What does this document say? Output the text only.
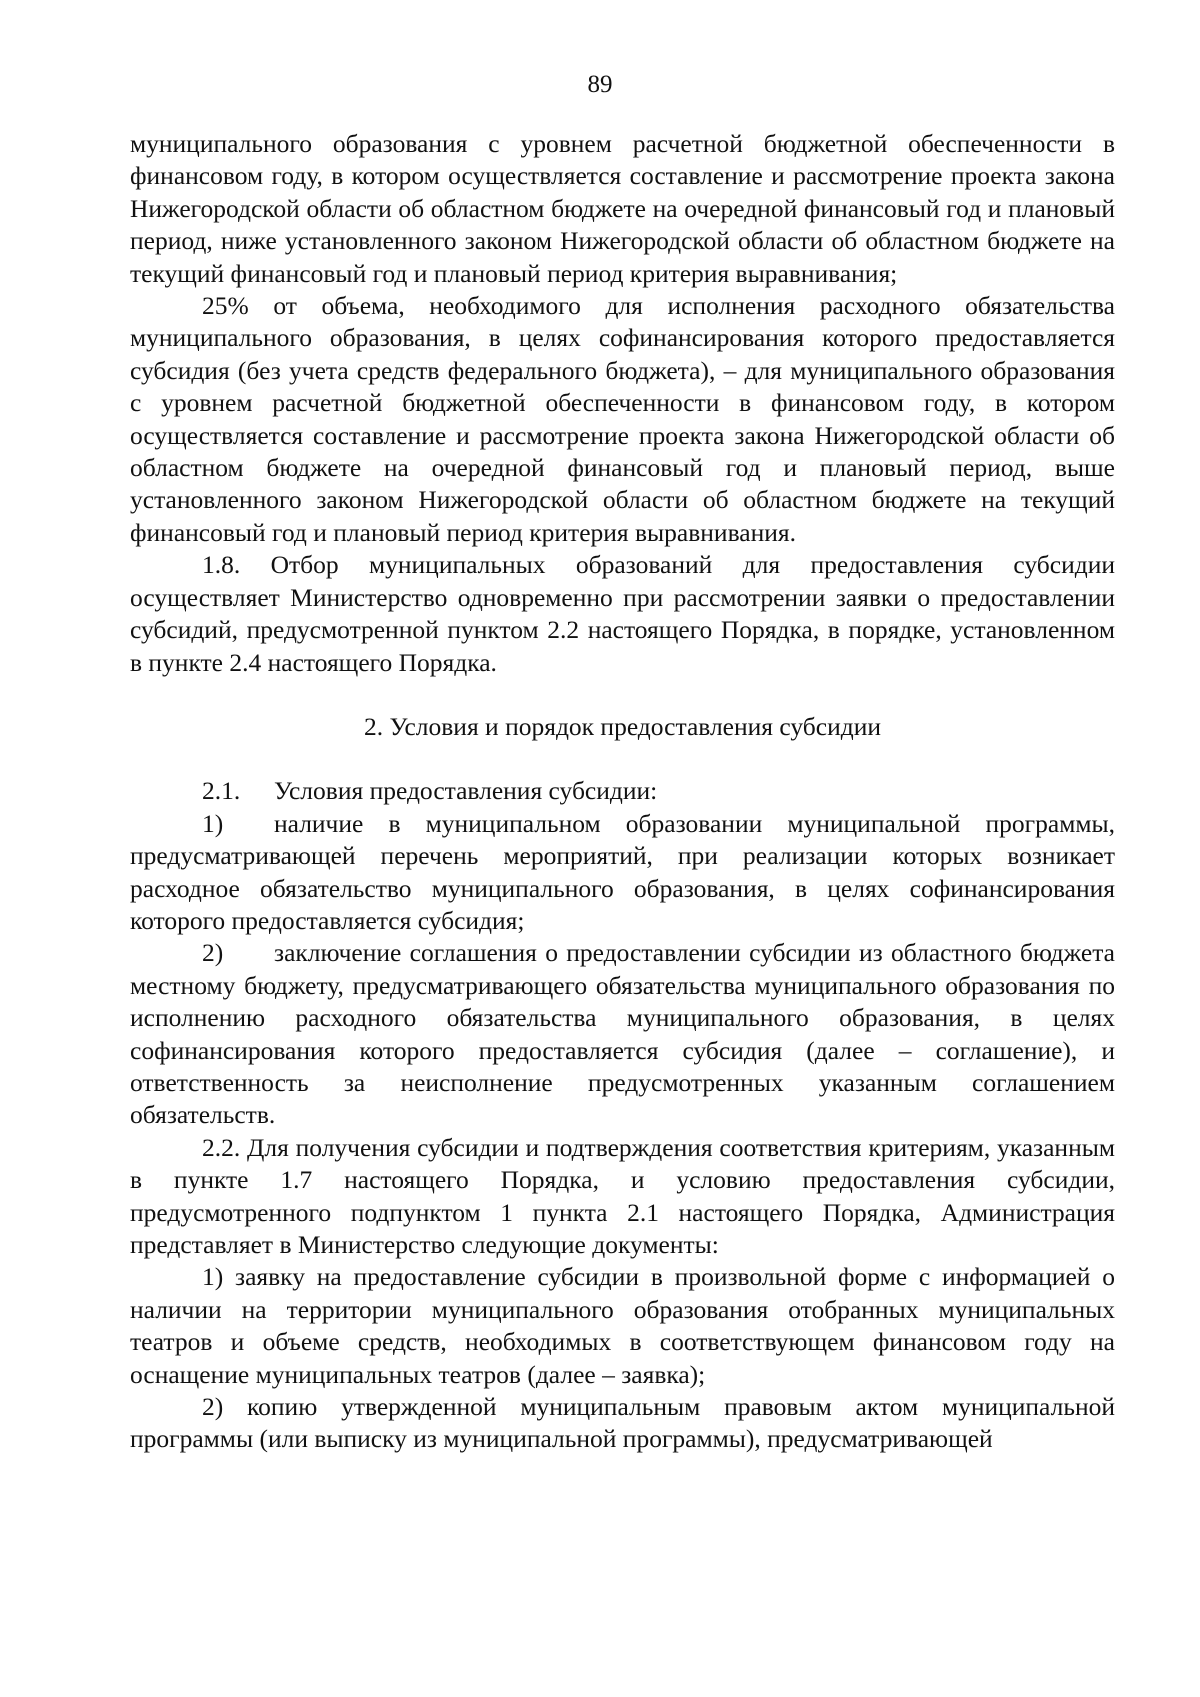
89

муниципального образования с уровнем расчетной бюджетной обеспеченности в финансовом году, в котором осуществляется составление и рассмотрение проекта закона Нижегородской области об областном бюджете на очередной финансовый год и плановый период, ниже установленного законом Нижегородской области об областном бюджете на текущий финансовый год и плановый период критерия выравнивания;

25% от объема, необходимого для исполнения расходного обязательства муниципального образования, в целях софинансирования которого предоставляется субсидия (без учета средств федерального бюджета), – для муниципального образования с уровнем расчетной бюджетной обеспеченности в финансовом году, в котором осуществляется составление и рассмотрение проекта закона Нижегородской области об областном бюджете на очередной финансовый год и плановый период, выше установленного законом Нижегородской области об областном бюджете на текущий финансовый год и плановый период критерия выравнивания.

1.8. Отбор муниципальных образований для предоставления субсидии осуществляет Министерство одновременно при рассмотрении заявки о предоставлении субсидий, предусмотренной пунктом 2.2 настоящего Порядка, в порядке, установленном в пункте 2.4 настоящего Порядка.

2. Условия и порядок предоставления субсидии

2.1. Условия предоставления субсидии:

1) наличие в муниципальном образовании муниципальной программы, предусматривающей перечень мероприятий, при реализации которых возникает расходное обязательство муниципального образования, в целях софинансирования которого предоставляется субсидия;

2) заключение соглашения о предоставлении субсидии из областного бюджета местному бюджету, предусматривающего обязательства муниципального образования по исполнению расходного обязательства муниципального образования, в целях софинансирования которого предоставляется субсидия (далее – соглашение), и ответственность за неисполнение предусмотренных указанным соглашением обязательств.

2.2. Для получения субсидии и подтверждения соответствия критериям, указанным в пункте 1.7 настоящего Порядка, и условию предоставления субсидии, предусмотренного подпунктом 1 пункта 2.1 настоящего Порядка, Администрация представляет в Министерство следующие документы:

1) заявку на предоставление субсидии в произвольной форме с информацией о наличии на территории муниципального образования отобранных муниципальных театров и объеме средств, необходимых в соответствующем финансовом году на оснащение муниципальных театров (далее – заявка);

2) копию утвержденной муниципальным правовым актом муниципальной программы (или выписку из муниципальной программы), предусматривающей
